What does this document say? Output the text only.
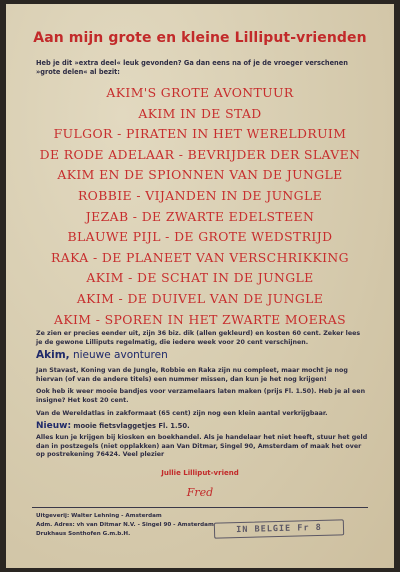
Aan mijn grote en kleine Lilliput-vrienden
Heb je dit »extra deel« leuk gevonden? Ga dan eens na of je de vroeger verschenen »grote delen« al bezit:
AKIM'S GROTE AVONTUUR
AKIM IN DE STAD
FULGOR - PIRATEN IN HET WERELDRUIM
DE RODE ADELAAR - BEVRIJDER DER SLAVEN
AKIM EN DE SPIONNEN VAN DE JUNGLE
ROBBIE - VIJANDEN IN DE JUNGLE
JEZAB - DE ZWARTE EDELSTEEN
BLAUWE PIJL - DE GROTE WEDSTRIJD
RAKA - DE PLANEET VAN VERSCHRIKKING
AKIM - DE SCHAT IN DE JUNGLE
AKIM - DE DUIVEL VAN DE JUNGLE
AKIM - SPOREN IN HET ZWARTE MOERAS
Ze zien er precies eender uit, zijn 36 biz. dik (allen gekleurd) en kosten 60 cent. Zeker lees je de gewone Lilliputs regelmatig, die iedere week voor 20 cent verschijnen.
Akim, nieuwe avonturen
Jan Stavast, Koning van de Jungle, Robbie en Raka zijn nu compleet, maar mocht je nog hiervan (of van de andere titels) een nummer missen, dan kun je het nog krijgen!
Ook heb ik weer mooie bandjes voor verzamelaars laten maken (prijs Fl. 1.50). Heb je al een insigne? Het kost 20 cent.
Van de Wereldatlas in zakformaat (65 cent) zijn nog een klein aantal verkrijgbaar.
Nieuw: mooie fietsvlaggetjes Fl. 1.50.
Alles kun je krijgen bij kiosken en boekhandel. Als je handelaar het niet heeft, stuur het geld dan in postzegels (niet opplakken) aan Van Ditmar, Singel 90, Amsterdam of maak het over op postrekening 76424. Veel plezier
Jullie Lilliput-vriend
Fred
Uitgeverij: Walter Lehning - Amsterdam
Adm. Adres: vh van Ditmar N.V. - Singel 90 - Amsterdam
Drukhaus Sonthofen G.m.b.H.	IN BELGIE Fr 8
